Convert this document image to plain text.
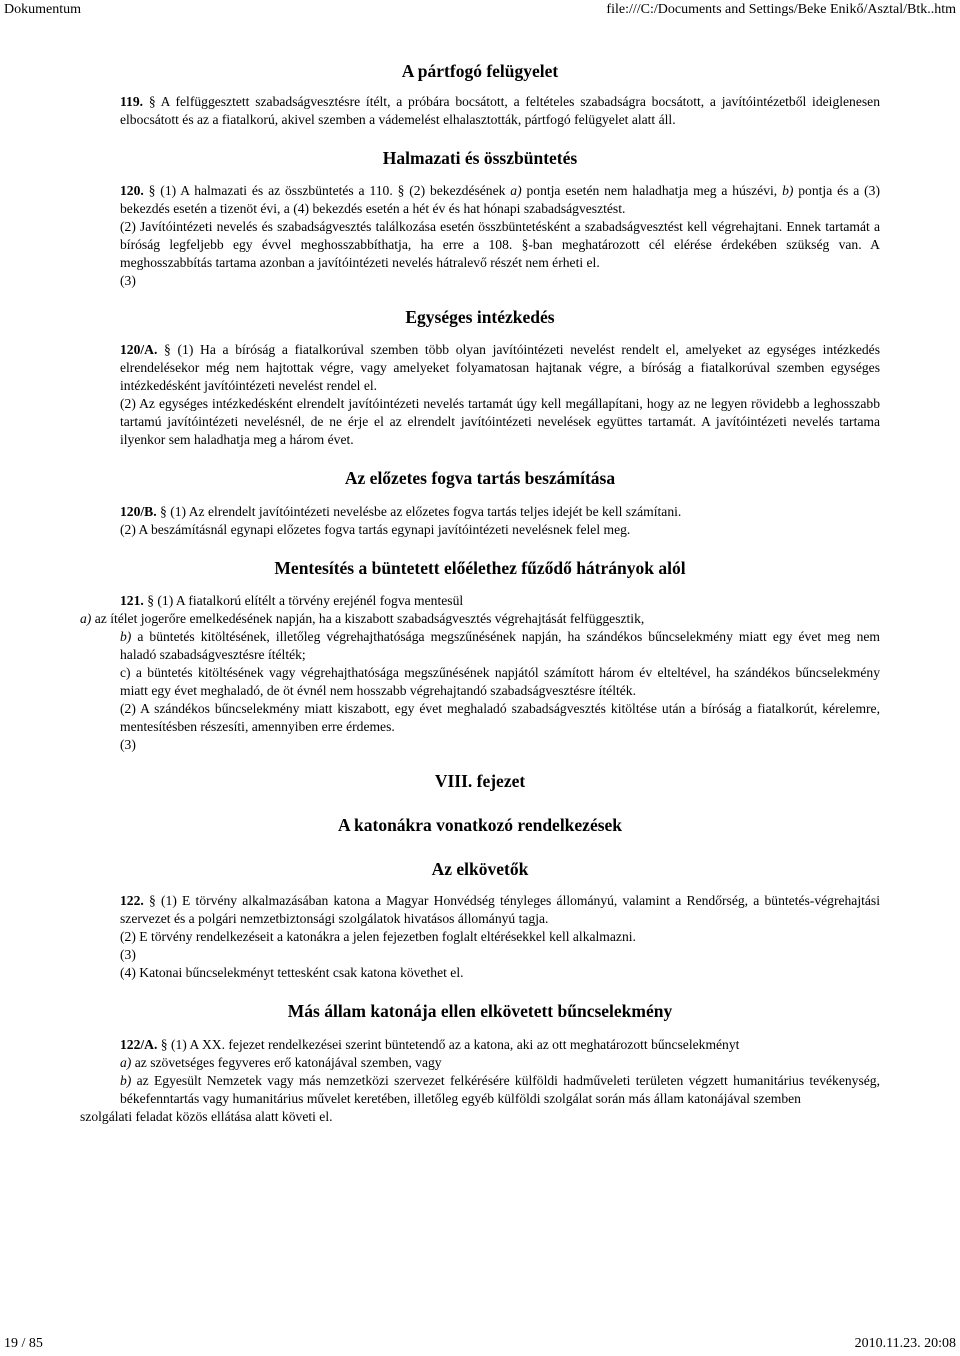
Dokumentum	file:///C:/Documents and Settings/Beke Enikő/Asztal/Btk..htm
A pártfogó felügyelet

119. § A felfüggesztett szabadságvesztésre ítélt, a próbára bocsátott, a feltételes szabadságra bocsátott, a javítóintézetből ideiglenesen elbocsátott és az a fiatalkorú, akivel szemben a vádemelést elhalasztották, pártfogó felügyelet alatt áll.

Halmazati és összbüntetés

120. § (1) A halmazati és az összbüntetés a 110. § (2) bekezdésének a) pontja esetén nem haladhatja meg a húszévi, b) pontja és a (3) bekezdés esetén a tizenöt évi, a (4) bekezdés esetén a hét év és hat hónapi szabadságvesztést.

(2) Javítóintézeti nevelés és szabadságvesztés találkozása esetén összbüntetésként a szabadságvesztést kell végrehajtani. Ennek tartamát a bíróság legfeljebb egy évvel meghosszabbíthatja, ha erre a 108. §-ban meghatározott cél elérése érdekében szükség van. A meghosszabbítás tartama azonban a javítóintézeti nevelés hátralevő részét nem érheti el.

(3)

Egységes intézkedés

120/A. § (1) Ha a bíróság a fiatalkorúval szemben több olyan javítóintézeti nevelést rendelt el, amelyeket az egységes intézkedés elrendelésekor még nem hajtottak végre, vagy amelyeket folyamatosan hajtanak végre, a bíróság a fiatalkorúval szemben egységes intézkedésként javítóintézeti nevelést rendel el.

(2) Az egységes intézkedésként elrendelt javítóintézeti nevelés tartamát úgy kell megállapítani, hogy az ne legyen rövidebb a leghosszabb tartamú javítóintézeti nevelésnél, de ne érje el az elrendelt javítóintézeti nevelések együttes tartamát. A javítóintézeti nevelés tartama ilyenkor sem haladhatja meg a három évet.

Az előzetes fogva tartás beszámítása

120/B. § (1) Az elrendelt javítóintézeti nevelésbe az előzetes fogva tartás teljes idejét be kell számítani.

(2) A beszámításnál egynapi előzetes fogva tartás egynapi javítóintézeti nevelésnek felel meg.

Mentesítés a büntetett előélethez fűződő hátrányok alól

121. § (1) A fiatalkorú elítélt a törvény erejénél fogva mentesül

a) az ítélet jogerőre emelkedésének napján, ha a kiszabott szabadságvesztés végrehajtását felfüggesztik,

b) a büntetés kitöltésének, illetőleg végrehajthatósága megszűnésének napján, ha szándékos bűncselekmény miatt egy évet meg nem haladó szabadságvesztésre ítélték;

c) a büntetés kitöltésének vagy végrehajthatósága megszűnésének napjától számított három év elteltével, ha szándékos bűncselekmény miatt egy évet meghaladó, de öt évnél nem hosszabb végrehajtandó szabadságvesztésre ítélték.

(2) A szándékos bűncselekmény miatt kiszabott, egy évet meghaladó szabadságvesztés kitöltése után a bíróság a fiatalkorút, kérelemre, mentesítésben részesíti, amennyiben erre érdemes.

(3)

VIII. fejezet
A katonákra vonatkozó rendelkezések
Az elkövetők

122. § (1) E törvény alkalmazásában katona a Magyar Honvédség tényleges állományú, valamint a Rendőrség, a büntetés-végrehajtási szervezet és a polgári nemzetbiztonsági szolgálatok hivatásos állományú tagja.

(2) E törvény rendelkezéseit a katonákra a jelen fejezetben foglalt eltérésekkel kell alkalmazni.

(3)

(4) Katonai bűncselekményt tettesként csak katona követhet el.

Más állam katonája ellen elkövetett bűncselekmény

122/A. § (1) A XX. fejezet rendelkezései szerint büntetendő az a katona, aki az ott meghatározott bűncselekményt

a) az szövetséges fegyveres erő katonájával szemben, vagy

b) az Egyesült Nemzetek vagy más nemzetközi szervezet felkérésére külföldi hadműveleti területen végzett humanitárius tevékenység, békefenntartás vagy humanitárius művelet keretében, illetőleg egyéb külföldi szolgálat során más állam katonájával szemben

szolgálati feladat közös ellátása alatt követi el.

19 / 85	2010.11.23. 20:08
